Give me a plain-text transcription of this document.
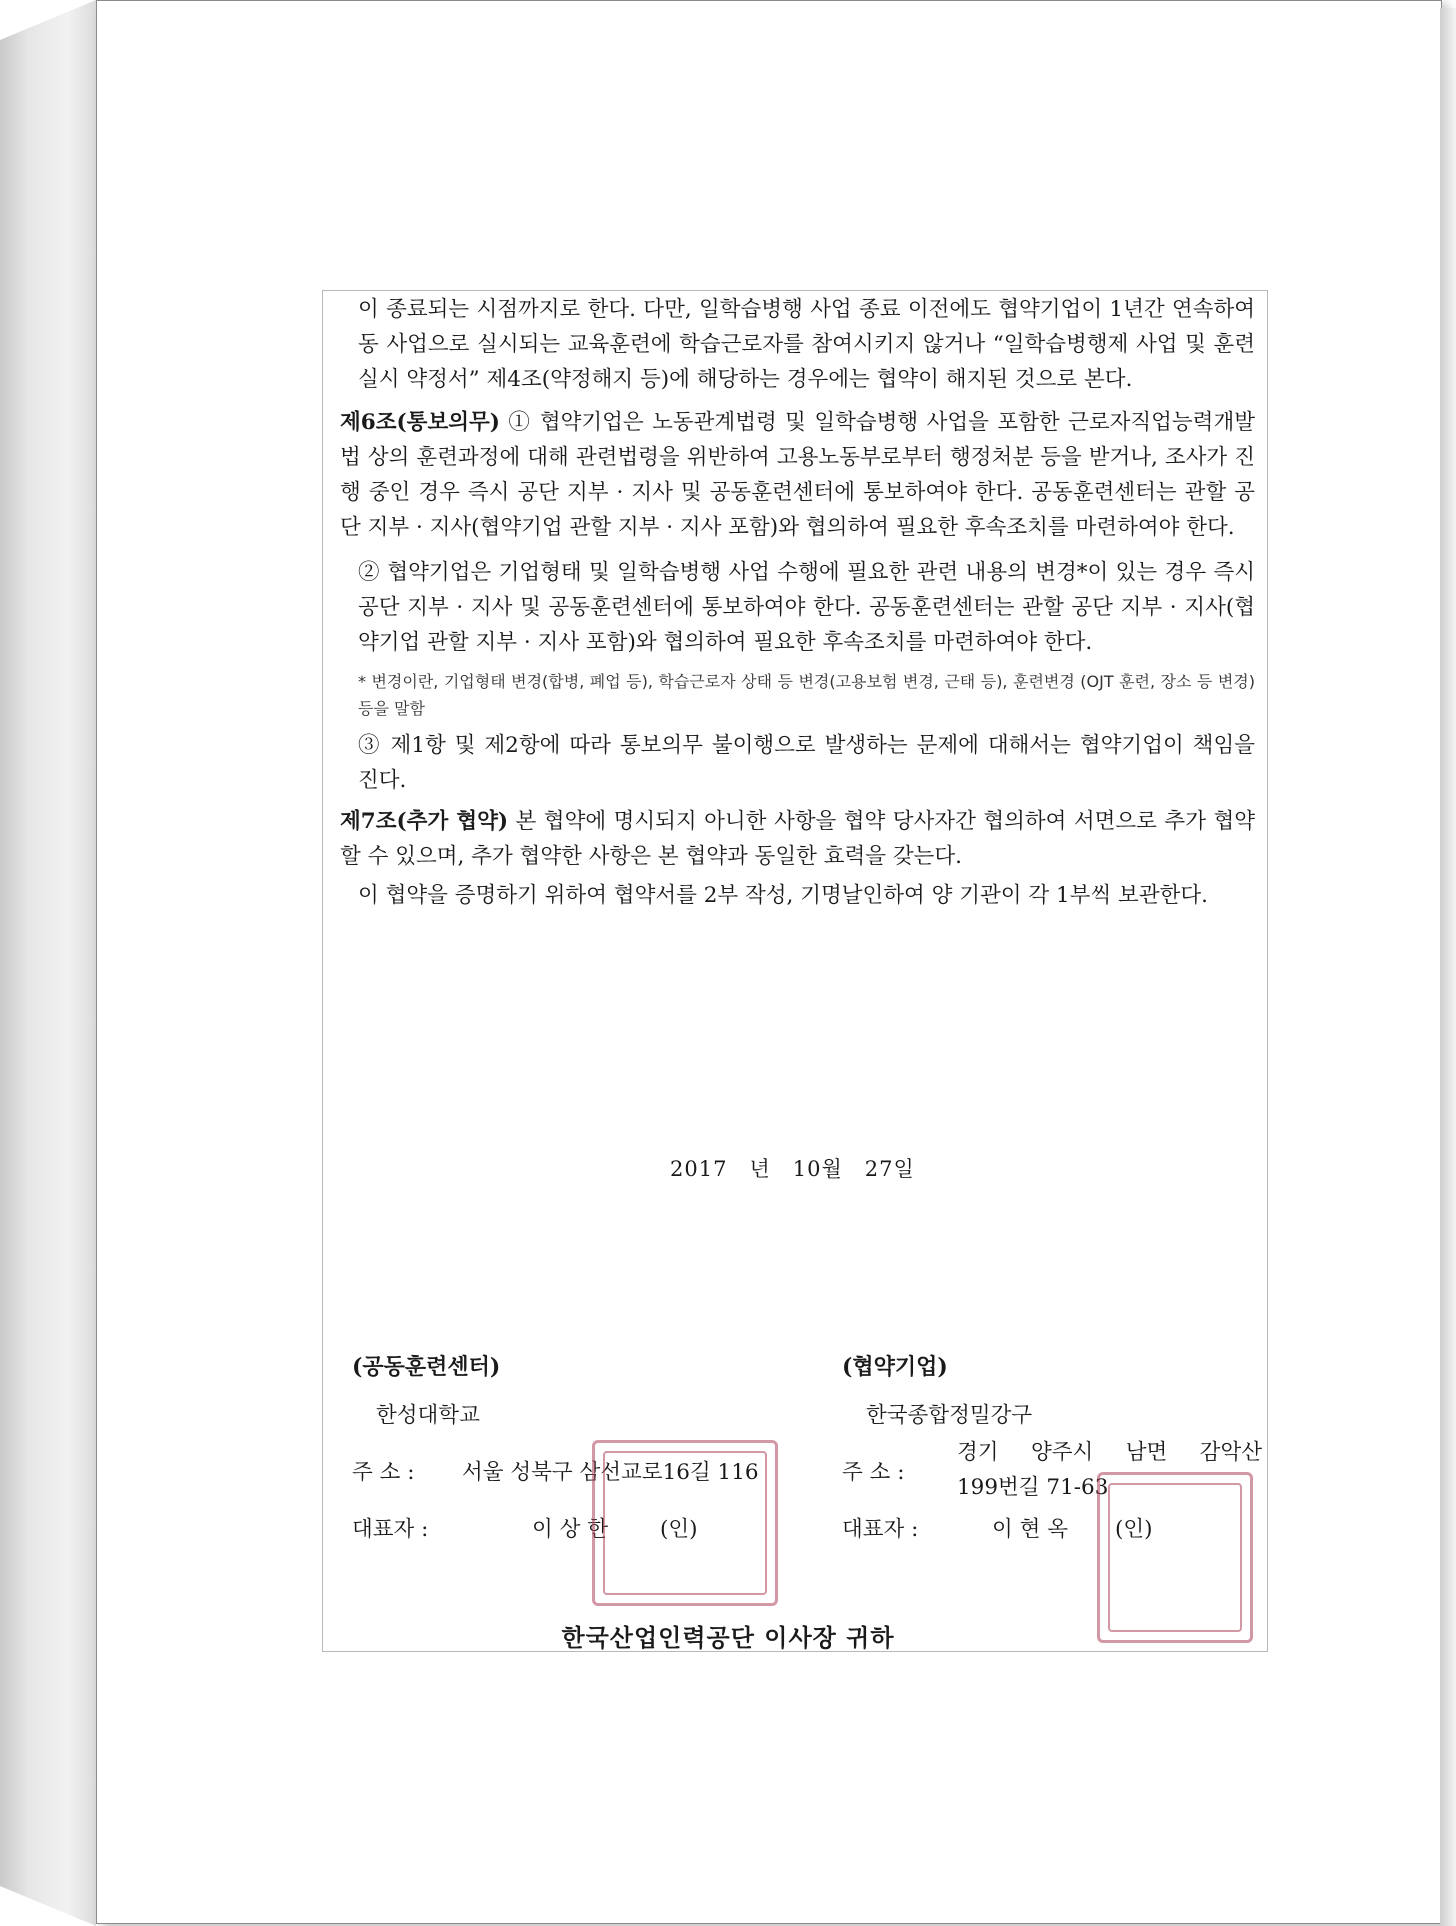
이 종료되는 시점까지로 한다. 다만, 일학습병행 사업 종료 이전에도 협약기업이 1년간 연속하여 동 사업으로 실시되는 교육훈련에 학습근로자를 참여시키지 않거나 “일학습병행제 사업 및 훈련실시 약정서” 제4조(약정해지 등)에 해당하는 경우에는 협약이 해지된 것으로 본다.

제6조(통보의무) ① 협약기업은 노동관계법령 및 일학습병행 사업을 포함한 근로자직업능력개발법 상의 훈련과정에 대해 관련법령을 위반하여 고용노동부로부터 행정처분 등을 받거나, 조사가 진행 중인 경우 즉시 공단 지부 · 지사 및 공동훈련센터에 통보하여야 한다. 공동훈련센터는 관할 공단 지부 · 지사(협약기업 관할 지부 · 지사 포함)와 협의하여 필요한 후속조치를 마련하여야 한다.

② 협약기업은 기업형태 및 일학습병행 사업 수행에 필요한 관련 내용의 변경*이 있는 경우 즉시 공단 지부 · 지사 및 공동훈련센터에 통보하여야 한다. 공동훈련센터는 관할 공단 지부 · 지사(협약기업 관할 지부 · 지사 포함)와 협의하여 필요한 후속조치를 마련하여야 한다.

* 변경이란, 기업형태 변경(합병, 폐업 등), 학습근로자 상태 등 변경(고용보험 변경, 근태 등), 훈련변경 (OJT 훈련, 장소 등 변경) 등을 말함

③ 제1항 및 제2항에 따라 통보의무 불이행으로 발생하는 문제에 대해서는 협약기업이 책임을 진다.

제7조(추가 협약) 본 협약에 명시되지 아니한 사항을 협약 당사자간 협의하여 서면으로 추가 협약할 수 있으며, 추가 협약한 사항은 본 협약과 동일한 효력을 갖는다.

이 협약을 증명하기 위하여 협약서를 2부 작성, 기명날인하여 양 기관이 각 1부씩 보관한다.

2017 년 10월 27일
(공동훈련센터)
한성대학교
주 소 : 서울 성북구 삼선교로16길 116
대표자 :	이 상 한 (인)
(협약기업)
한국종합정밀강구
주 소 :
경기 양주시 남면 감악산
199번길 71-63
대표자 :	이 현 옥 (인)
한국산업인력공단 이사장 귀하
